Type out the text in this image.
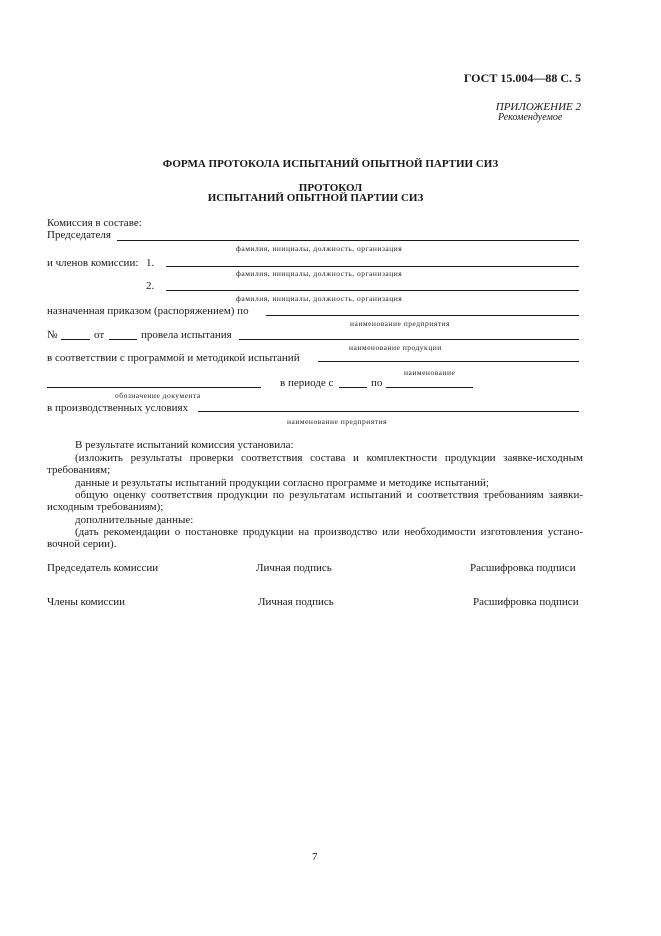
ГОСТ 15.004—88 С. 5
ПРИЛОЖЕНИЕ 2
Рекомендуемое
ФОРМА ПРОТОКОЛА ИСПЫТАНИЙ ОПЫТНОЙ ПАРТИИ СИЗ
ПРОТОКОЛ
ИСПЫТАНИЙ ОПЫТНОЙ ПАРТИИ СИЗ
Комиссия в составе:
Председателя
фамилия, инициалы, должность, организация
и членов комиссии: 1.
фамилия, инициалы, должность, организация
2.
фамилия, инициалы, должность, организация
назначенная приказом (распоряжением) по
наименование предприятия
№	от	провела испытания
наименование продукции
в соответствии с программой и методикой испытаний
наименование
в периоде с	по
обозначение документа
в производственных условиях
наименование предприятия
В результате испытаний комиссия установила:
(изложить результаты проверки соответствия состава и комплектности продукции заявке-исходным
требованиям;
данные и результаты испытаний продукции согласно программе и методике испытаний;
общую оценку соответствия продукции по результатам испытаний и соответствия требованиям заявки-
исходным требованиям);
дополнительные данные:
(дать рекомендации о постановке продукции на производство или необходимости изготовления устано-
вочной серии).
Председатель комиссии	Личная подпись	Расшифровка подписи
Члены комиссии	Личная подпись	Расшифровка подписи
7
